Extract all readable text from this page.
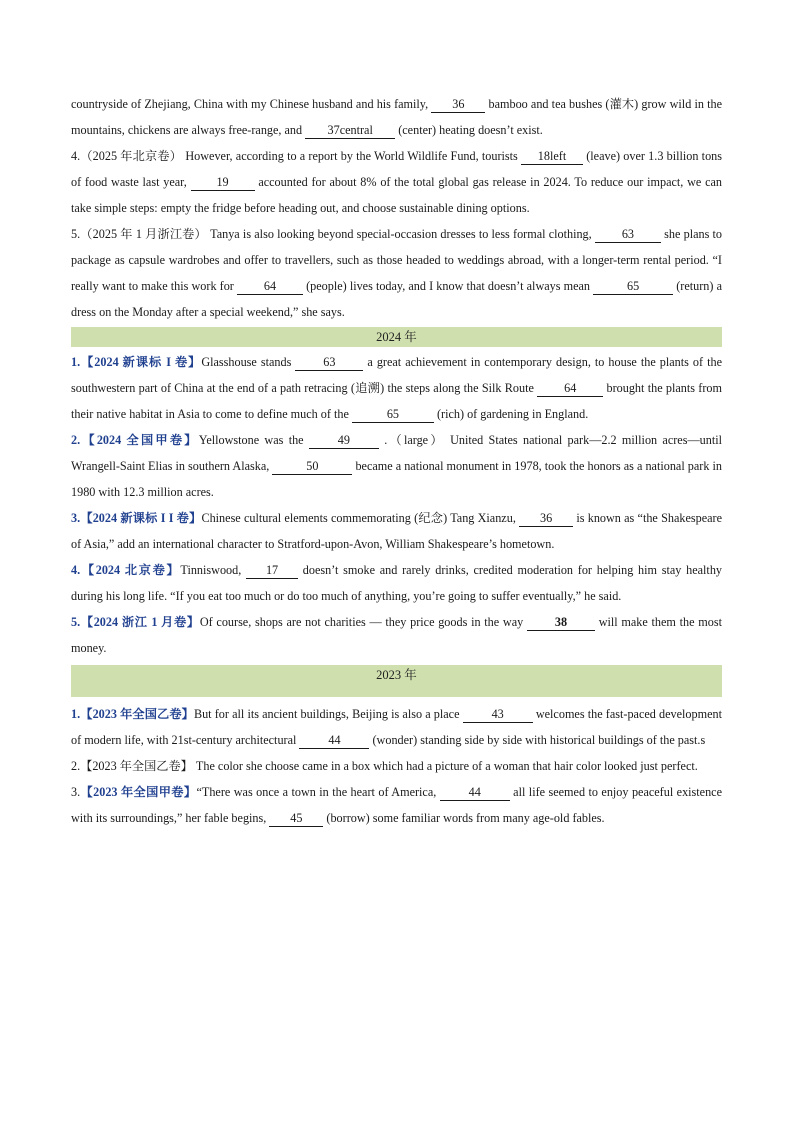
countryside of Zhejiang, China with my Chinese husband and his family, 36 bamboo and tea bushes (灌木) grow wild in the mountains, chickens are always free-range, and 37central (center) heating doesn’t exist.

4.（2025 年北京卷） However, according to a report by the World Wildlife Fund, tourists 18left (leave) over 1.3 billion tons of food waste last year, 19 accounted for about 8% of the total global gas release in 2024. To reduce our impact, we can take simple steps: empty the fridge before heading out, and choose sustainable dining options.

5.（2025 年 1 月浙江卷） Tanya is also looking beyond special-occasion dresses to less formal clothing, 63 she plans to package as capsule wardrobes and offer to travellers, such as those headed to weddings abroad, with a longer-term rental period. “I really want to make this work for 64 (people) lives today, and I know that doesn’t always mean	65	(return) a dress on the Monday after a special weekend,” she says.

2024 年

1.【2024 新课标 I 卷】Glasshouse stands 63 a great achievement in contemporary design, to house the plants of the southwestern part of China at the end of a path retracing (追溯) the steps along the Silk Route 64 brought the plants from their native habitat in Asia to come to define much of the	65	(rich) of gardening in England.

2.【2024 全国甲卷】Yellowstone was the 49 .（large） United States national park—2.2 million acres—until Wrangell-Saint Elias in southern Alaska,	50	became a national monument in 1978, took the honors as a national park in 1980 with 12.3 million acres.

3.【2024 新课标 I I 卷】Chinese cultural elements commemorating (纪念) Tang Xianzu, 36 is known as “the Shakespeare of Asia,” add an international character to Stratford-upon-Avon, William Shakespeare’s hometown.

4.【2024 北京卷】Tinniswood, 17 doesn’t smoke and rarely drinks, credited moderation for helping him stay healthy during his long life. “If you eat too much or do too much of anything, you’re going to suffer eventually,” he said.

5.【2024 浙江 1 月卷】Of course, shops are not charities — they price goods in the way 38 will make them the most money.

2023 年

1.【2023 年全国乙卷】But for all its ancient buildings, Beijing is also a place 43 welcomes the fast-paced development of modern life, with 21st-century architectural 44 (wonder) standing side by side with historical buildings of the past.s

2.【2023 年全国乙卷】 The color she choose came in a box which had a picture of a woman that hair color looked just perfect.

3.【2023 年全国甲卷】“There was once a town in the heart of America, 44 all life seemed to enjoy peaceful existence with its surroundings,” her fable begins, 45 (borrow) some familiar words from many age-old fables.
